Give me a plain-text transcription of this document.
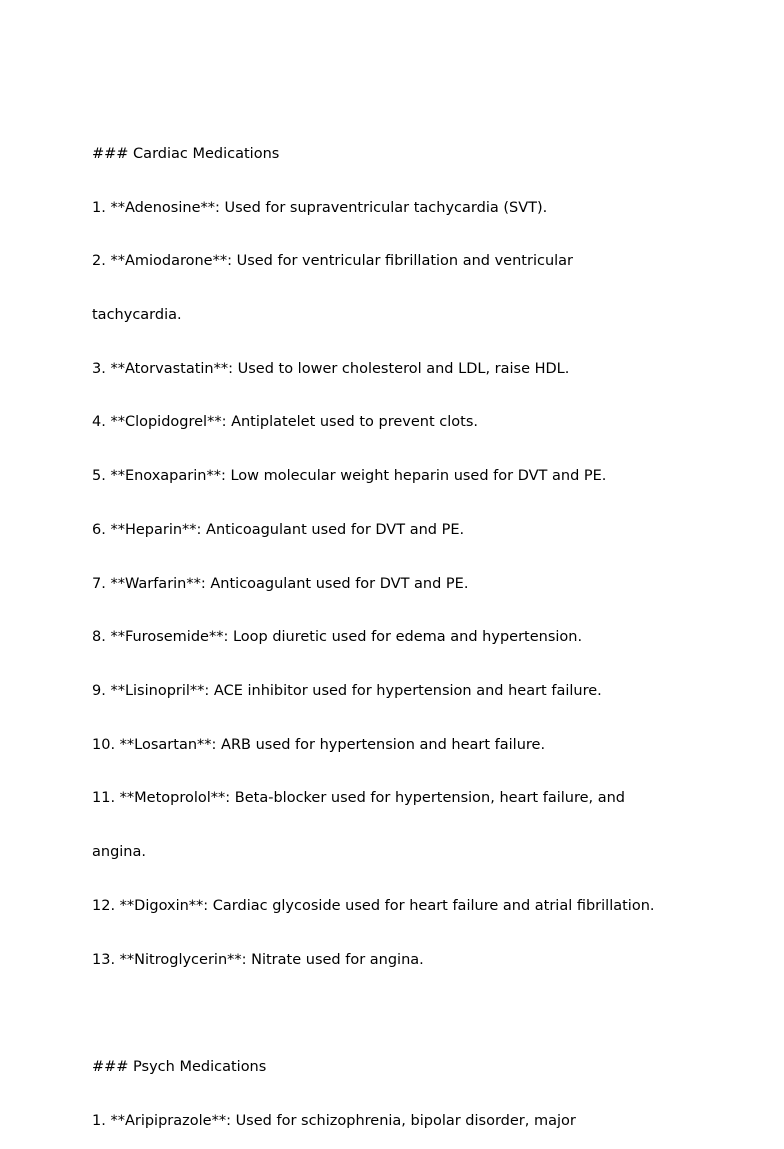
### Cardiac Medications

1. **Adenosine**: Used for supraventricular tachycardia (SVT).

2. **Amiodarone**: Used for ventricular fibrillation and ventricular

tachycardia.

3. **Atorvastatin**: Used to lower cholesterol and LDL, raise HDL.

4. **Clopidogrel**: Antiplatelet used to prevent clots.

5. **Enoxaparin**: Low molecular weight heparin used for DVT and PE.

6. **Heparin**: Anticoagulant used for DVT and PE.

7. **Warfarin**: Anticoagulant used for DVT and PE.

8. **Furosemide**: Loop diuretic used for edema and hypertension.

9. **Lisinopril**: ACE inhibitor used for hypertension and heart failure.

10. **Losartan**: ARB used for hypertension and heart failure.

11. **Metoprolol**: Beta-blocker used for hypertension, heart failure, and

angina.

12. **Digoxin**: Cardiac glycoside used for heart failure and atrial fibrillation.

13. **Nitroglycerin**: Nitrate used for angina.

### Psych Medications

1. **Aripiprazole**: Used for schizophrenia, bipolar disorder, major
